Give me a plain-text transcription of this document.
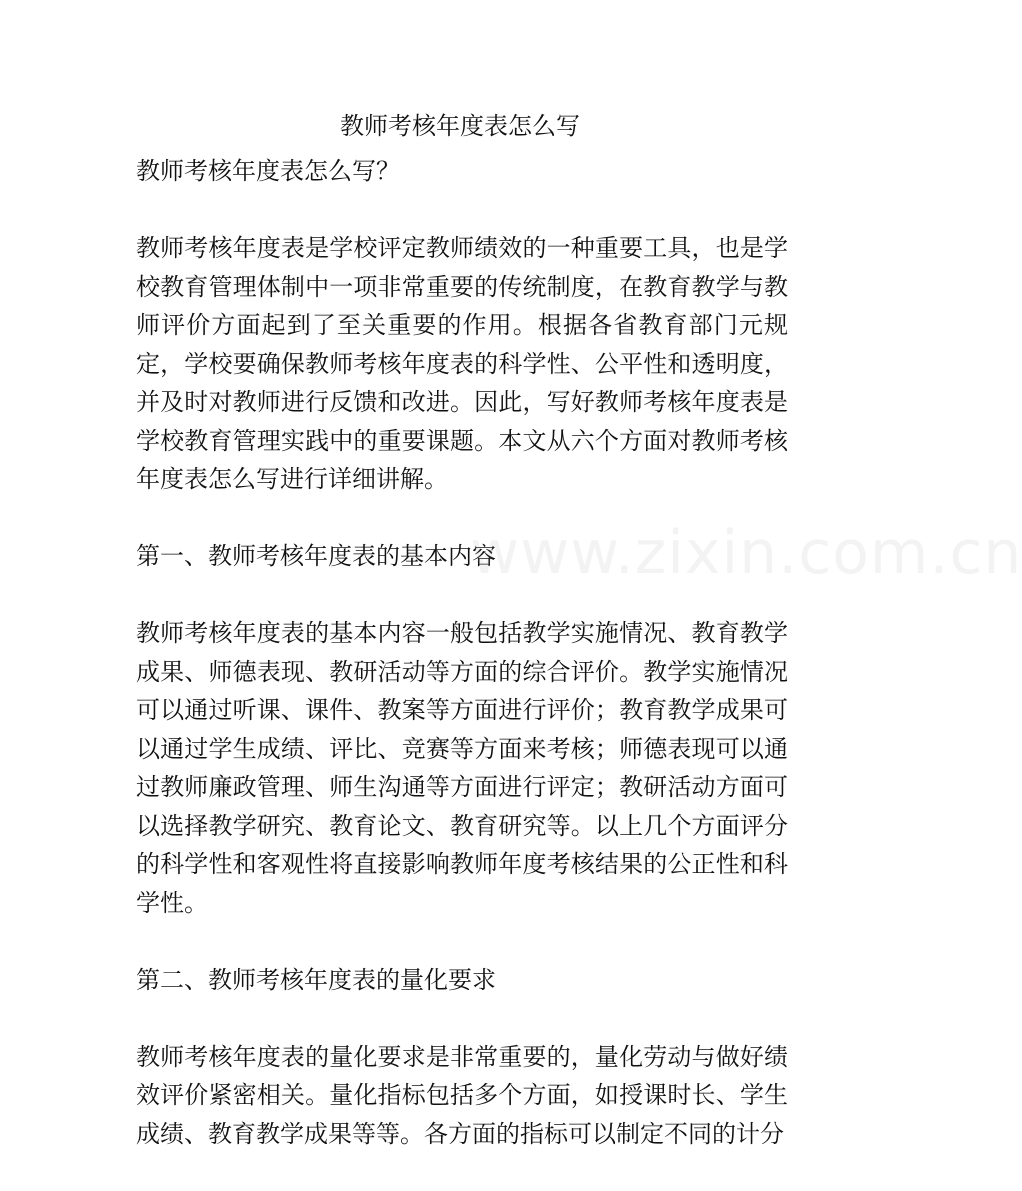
教师考核年度表怎么写

教师考核年度表怎么写？

教师考核年度表是学校评定教师绩效的一种重要工具，也是学校教育管理体制中一项非常重要的传统制度，在教育教学与教师评价方面起到了至关重要的作用。根据各省教育部门元规定，学校要确保教师考核年度表的科学性、公平性和透明度，并及时对教师进行反馈和改进。因此，写好教师考核年度表是学校教育管理实践中的重要课题。本文从六个方面对教师考核年度表怎么写进行详细讲解。

第一、教师考核年度表的基本内容

教师考核年度表的基本内容一般包括教学实施情况、教育教学成果、师德表现、教研活动等方面的综合评价。教学实施情况可以通过听课、课件、教案等方面进行评价；教育教学成果可以通过学生成绩、评比、竞赛等方面来考核；师德表现可以通过教师廉政管理、师生沟通等方面进行评定；教研活动方面可以选择教学研究、教育论文、教育研究等。以上几个方面评分的科学性和客观性将直接影响教师年度考核结果的公正性和科学性。

第二、教师考核年度表的量化要求

教师考核年度表的量化要求是非常重要的，量化劳动与做好绩效评价紧密相关。量化指标包括多个方面，如授课时长、学生成绩、教育教学成果等等。各方面的指标可以制定不同的计分

www.zixin.com.cn
